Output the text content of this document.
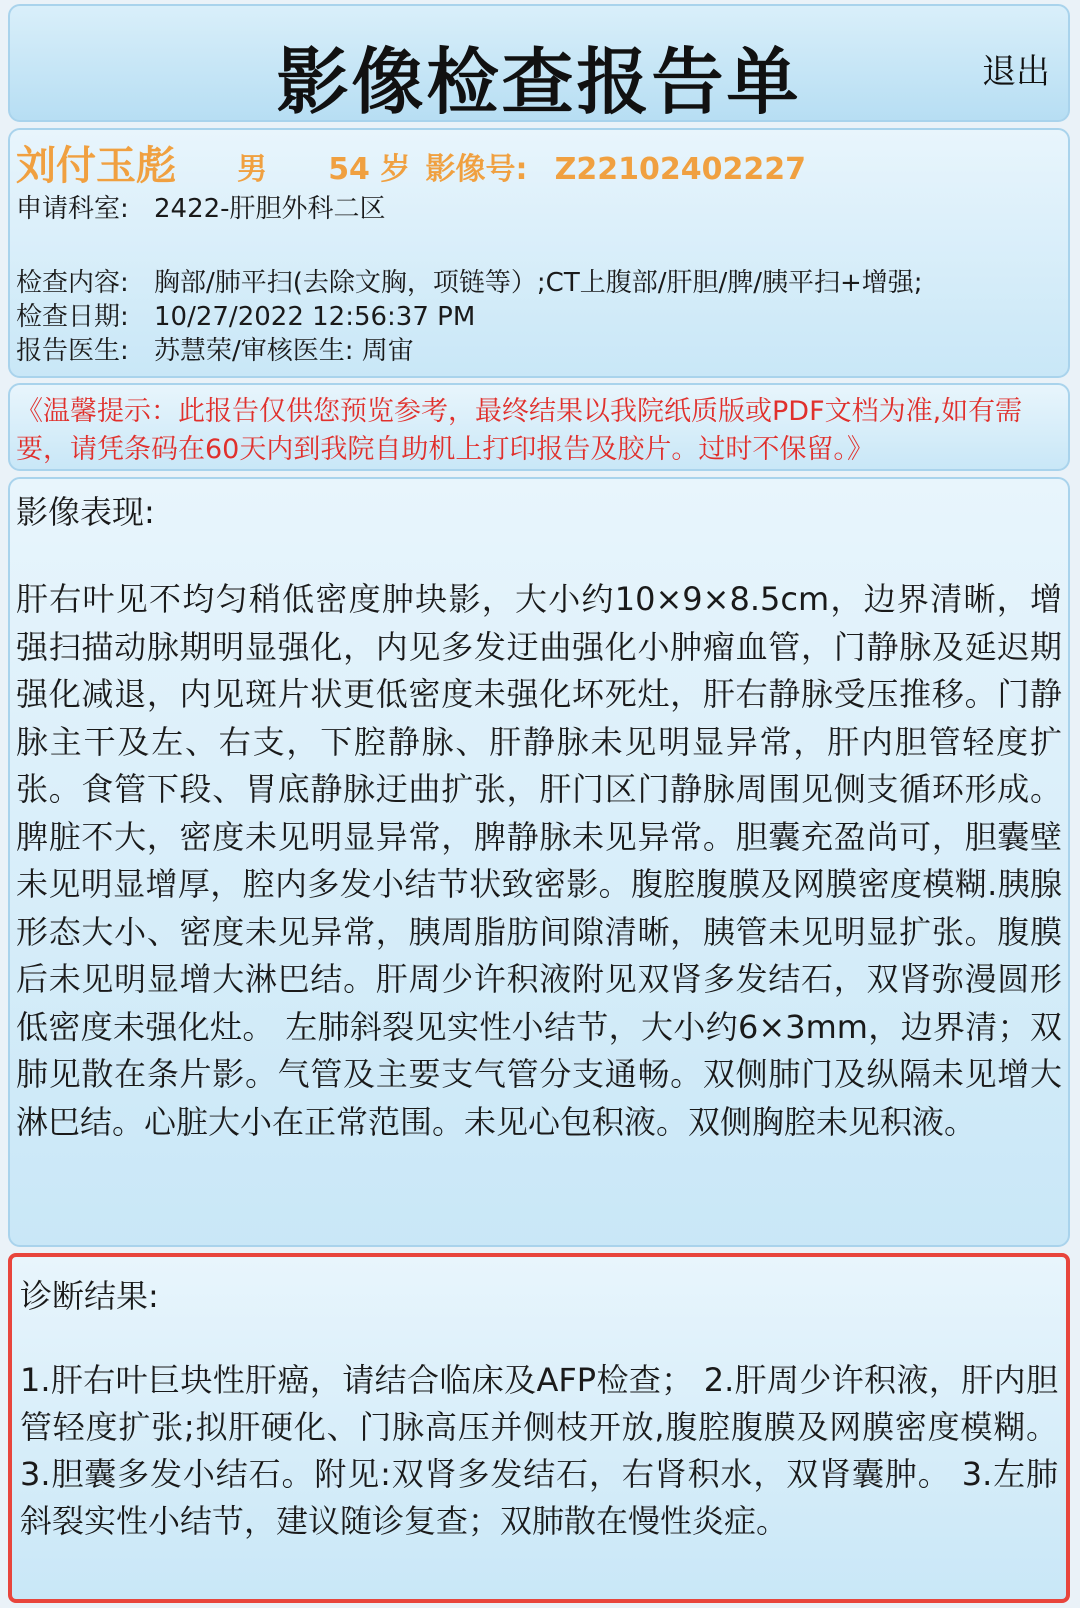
影像检查报告单	退出
刘付玉彪 男 54 岁 影像号: Z22102402227
申请科室: 2422-肝胆外科二区
检查内容: 胸部/肺平扫(去除文胸，项链等）;CT上腹部/肝胆/脾/胰平扫+增强;
检查日期: 10/27/2022 12:56:37 PM
报告医生: 苏慧荣/审核医生: 周宙
《温馨提示：此报告仅供您预览参考，最终结果以我院纸质版或PDF文档为准,如有需要，请凭条码在60天内到我院自助机上打印报告及胶片。过时不保留。》
影像表现:
肝右叶见不均匀稍低密度肿块影，大小约10×9×8.5cm，边界清晰，增强扫描动脉期明显强化，内见多发迂曲强化小肿瘤血管，门静脉及延迟期强化减退，内见斑片状更低密度未强化坏死灶，肝右静脉受压推移。门静脉主干及左、右支，下腔静脉、肝静脉未见明显异常，肝内胆管轻度扩张。食管下段、胃底静脉迂曲扩张，肝门区门静脉周围见侧支循环形成。脾脏不大，密度未见明显异常，脾静脉未见异常。胆囊充盈尚可，胆囊壁未见明显增厚，腔内多发小结节状致密影。腹腔腹膜及网膜密度模糊.胰腺形态大小、密度未见异常，胰周脂肪间隙清晰，胰管未见明显扩张。腹膜后未见明显增大淋巴结。肝周少许积液附见双肾多发结石，双肾弥漫圆形低密度未强化灶。 左肺斜裂见实性小结节，大小约6×3mm，边界清；双肺见散在条片影。气管及主要支气管分支通畅。双侧肺门及纵隔未见增大淋巴结。心脏大小在正常范围。未见心包积液。双侧胸腔未见积液。
诊断结果:
1.肝右叶巨块性肝癌，请结合临床及AFP检查； 2.肝周少许积液，肝内胆管轻度扩张;拟肝硬化、门脉高压并侧枝开放,腹腔腹膜及网膜密度模糊。 3.胆囊多发小结石。附见:双肾多发结石，右肾积水，双肾囊肿。 3.左肺斜裂实性小结节，建议随诊复查；双肺散在慢性炎症。
